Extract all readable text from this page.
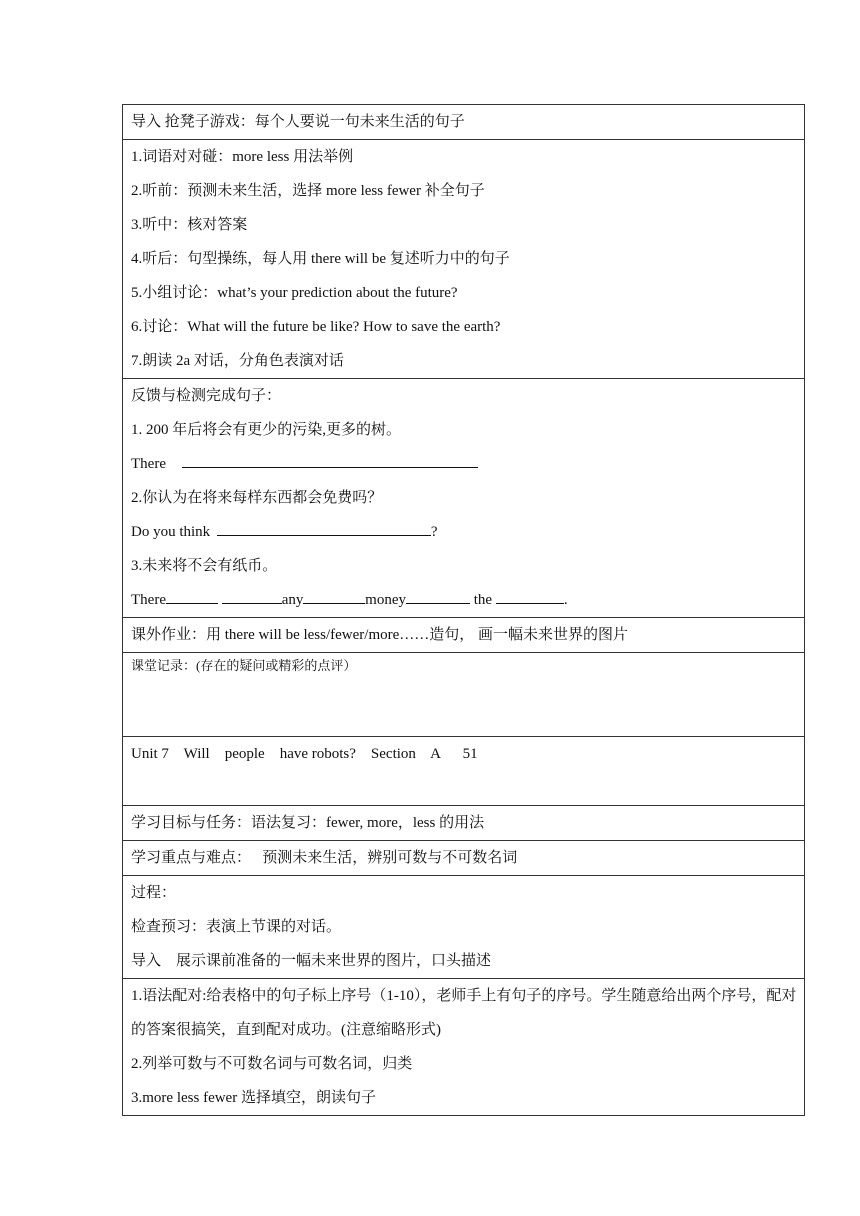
导入 抢凳子游戏：每个人要说一句未来生活的句子
1.词语对对碰：more less 用法举例
2.听前：预测未来生活，选择 more less fewer 补全句子
3.听中：核对答案
4.听后：句型操练，每人用 there will be 复述听力中的句子
5.小组讨论：what’s your prediction about the future?
6.讨论：What will the future be like? How to save the earth?
7.朗读 2a 对话，分角色表演对话
反馈与检测完成句子：
1. 200 年后将会有更少的污染,更多的树。
There
2.你认为在将来每样东西都会免费吗？
Do you think	?
3.未来将不会有纸币。
There	any	money	the	.
课外作业：用 there will be less/fewer/more……造句， 画一幅未来世界的图片
课堂记录：(存在的疑问或精彩的点评）
Unit 7    Will    people    have robots?    Section    A      51
学习目标与任务：语法复习：fewer, more，less 的用法
学习重点与难点：   预测未来生活，辨别可数与不可数名词
过程：
检查预习：表演上节课的对话。
导入    展示课前准备的一幅未来世界的图片，口头描述
1.语法配对:给表格中的句子标上序号（1-10），老师手上有句子的序号。学生随意给出两个序号，配对的答案很搞笑，直到配对成功。(注意缩略形式)
2.列举可数与不可数名词与可数名词，归类
3.more less fewer 选择填空，朗读句子
